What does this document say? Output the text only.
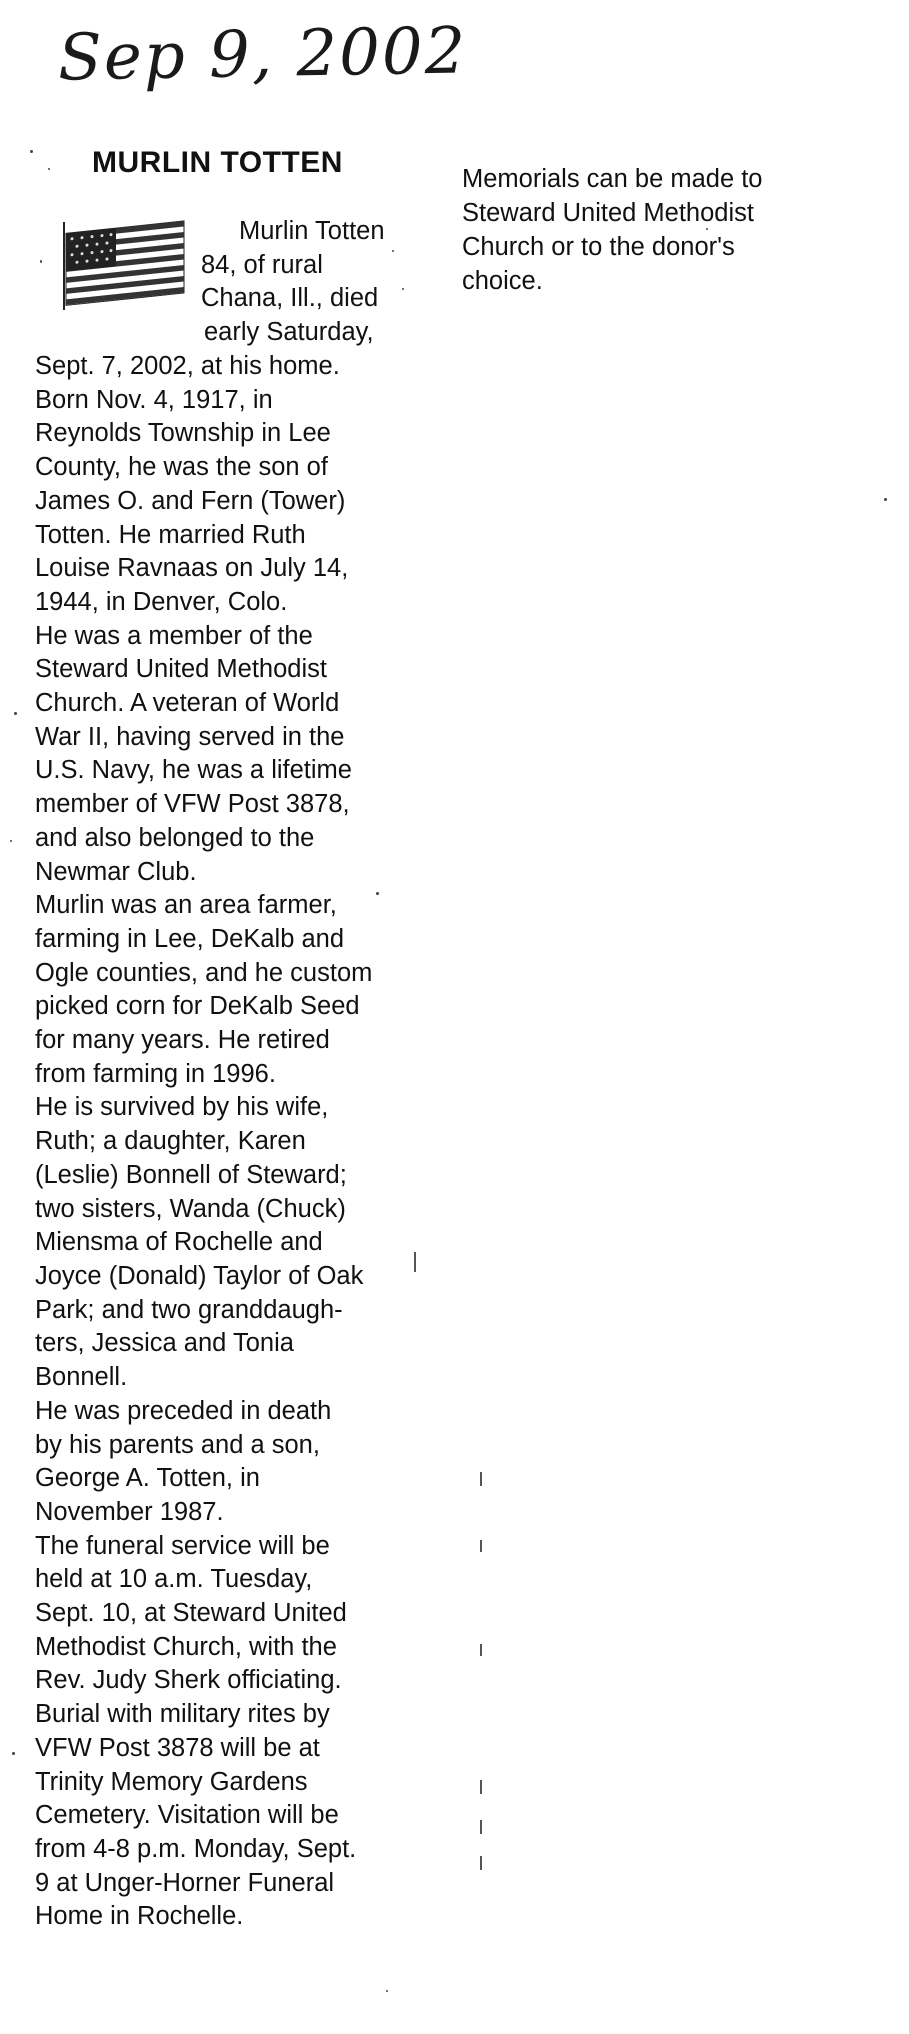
Sep 9, 2002
MURLIN TOTTEN
Murlin Totten
84, of rural
Chana, Ill., died
early Saturday,
Sept. 7, 2002, at his home.
Born Nov. 4, 1917, in
Reynolds Township in Lee
County, he was the son of
James O. and Fern (Tower)
Totten. He married Ruth
Louise Ravnaas on July 14,
1944, in Denver, Colo.
He was a member of the
Steward United Methodist
Church. A veteran of World
War II, having served in the
U.S. Navy, he was a lifetime
member of VFW Post 3878,
and also belonged to the
Newmar Club.
Murlin was an area farmer,
farming in Lee, DeKalb and
Ogle counties, and he custom
picked corn for DeKalb Seed
for many years. He retired
from farming in 1996.
He is survived by his wife,
Ruth; a daughter, Karen
(Leslie) Bonnell of Steward;
two sisters, Wanda (Chuck)
Miensma of Rochelle and
Joyce (Donald) Taylor of Oak
Park; and two granddaugh-
ters, Jessica and Tonia
Bonnell.
He was preceded in death
by his parents and a son,
George A. Totten, in
November 1987.
The funeral service will be
held at 10 a.m. Tuesday,
Sept. 10, at Steward United
Methodist Church, with the
Rev. Judy Sherk officiating.
Burial with military rites by
VFW Post 3878 will be at
Trinity Memory Gardens
Cemetery. Visitation will be
from 4-8 p.m. Monday, Sept.
9 at Unger-Horner Funeral
Home in Rochelle.
Memorials can be made to
Steward United Methodist
Church or to the donor's
choice.
